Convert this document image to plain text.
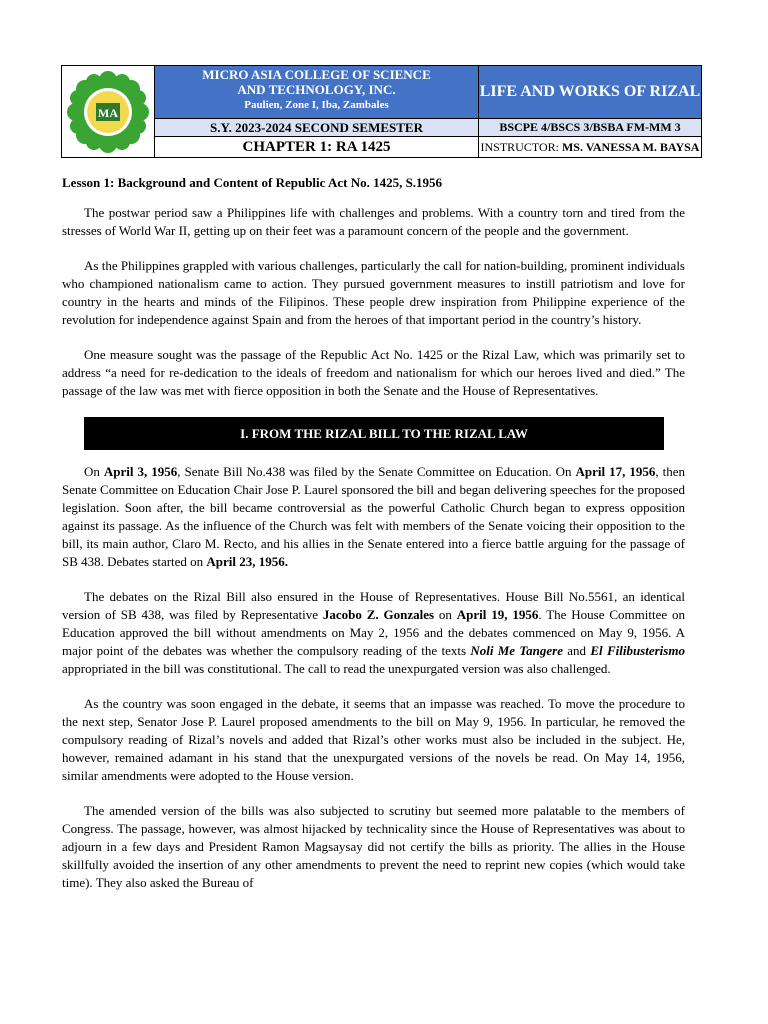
MA
MICRO ASIA COLLEGE OF SCIENCE
AND TECHNOLOGY, INC.
Paulien, Zone I, Iba, Zambales
LIFE AND WORKS OF RIZAL
S.Y. 2023-2024 SECOND SEMESTER	BSCPE 4/BSCS 3/BSBA FM-MM 3
CHAPTER 1: RA 1425	INSTRUCTOR: MS. VANESSA M. BAYSA
Lesson 1: Background and Content of Republic Act No. 1425, S.1956

The postwar period saw a Philippines life with challenges and problems. With a country torn and tired from the stresses of World War II, getting up on their feet was a paramount concern of the people and the government.

As the Philippines grappled with various challenges, particularly the call for nation-building, prominent individuals who championed nationalism came to action. They pursued government measures to instill patriotism and love for country in the hearts and minds of the Filipinos. These people drew inspiration from Philippine experience of the revolution for independence against Spain and from the heroes of that important period in the country’s history.

One measure sought was the passage of the Republic Act No. 1425 or the Rizal Law, which was primarily set to address “a need for re-dedication to the ideals of freedom and nationalism for which our heroes lived and died.” The passage of the law was met with fierce opposition in both the Senate and the House of Representatives.

I. FROM THE RIZAL BILL TO THE RIZAL LAW

On April 3, 1956, Senate Bill No.438 was filed by the Senate Committee on Education. On April 17, 1956, then Senate Committee on Education Chair Jose P. Laurel sponsored the bill and began delivering speeches for the proposed legislation. Soon after, the bill became controversial as the powerful Catholic Church began to express opposition against its passage. As the influence of the Church was felt with members of the Senate voicing their opposition to the bill, its main author, Claro M. Recto, and his allies in the Senate entered into a fierce battle arguing for the passage of SB 438. Debates started on April 23, 1956.

The debates on the Rizal Bill also ensured in the House of Representatives. House Bill No.5561, an identical version of SB 438, was filed by Representative Jacobo Z. Gonzales on April 19, 1956. The House Committee on Education approved the bill without amendments on May 2, 1956 and the debates commenced on May 9, 1956. A major point of the debates was whether the compulsory reading of the texts Noli Me Tangere and El Filibusterismo appropriated in the bill was constitutional. The call to read the unexpurgated version was also challenged.

As the country was soon engaged in the debate, it seems that an impasse was reached. To move the procedure to the next step, Senator Jose P. Laurel proposed amendments to the bill on May 9, 1956. In particular, he removed the compulsory reading of Rizal’s novels and added that Rizal’s other works must also be included in the subject. He, however, remained adamant in his stand that the unexpurgated versions of the novels be read. On May 14, 1956, similar amendments were adopted to the House version.

The amended version of the bills was also subjected to scrutiny but seemed more palatable to the members of Congress. The passage, however, was almost hijacked by technicality since the House of Representatives was about to adjourn in a few days and President Ramon Magsaysay did not certify the bills as priority. The allies in the House skillfully avoided the insertion of any other amendments to prevent the need to reprint new copies (which would take time). They also asked the Bureau of
